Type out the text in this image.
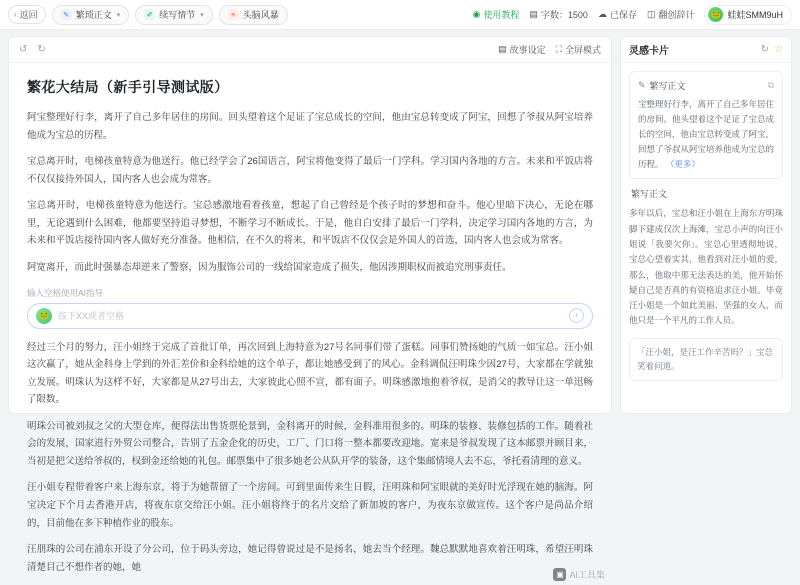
‹ 返回	✎ 繁琐正文 ▾	✐ 续写情节 ▾	☀ 头脑风暴	◉ 使用教程 ▤ 字数：1500 ☁ 已保存 ◫ 翻创辞计	🐸 蛙蛙SMM9uH
↺ ↻	▤ 故事设定 ⛶ 全屏模式
繁花大结局（新手引导测试版）

阿宝整理好行李，离开了自己多年居住的房间。回头望着这个足证了宝总成长的空间，他由宝总转变成了阿宝，回想了爷叔从阿宝培养他成为宝总的历程。

宝总离开时，电梯孩童特意为他送行。他已经学会了26国语言，阿宝将他变得了最后一门学科。学习国内各地的方言。未来和平饭店将不仅仅接待外国人，国内客人也会成为常客。

宝总离开时，电梯孩童特意为他送行。宝总感激地看着孩童，想起了自己曾经是个孩子时的梦想和奋斗。他心里暗下决心，无论在哪里，无论遇到什么困难，他都要坚持追寻梦想，不断学习不断成长。于是，他自白安排了最后一门学科，决定学习国内各地的方言，为未来和平饭店接待国内客人做好充分准备。他相信，在不久的将来，和平饭店不仅仅会是外国人的首选，国内客人也会成为常客。

阿宽离开，而此时强暴态却逆来了警察，因为服饰公司的一线给国家造成了损失，他因涉期职权而被追究刑事责任。

输入空格使用AI指导
🐸	按下XX或者空格	↑

经过三个月的努力，汪小姐终于完成了首批订单，再次回到上海特意为27号名同事们带了蛋糕。同事们赞扬她的气质一如宝总。汪小姐这次赢了，她从金科身上学到的外汇差价和金科给她的这个单子，都让她感受到了的风心。金科调侃汪明珠少因27号，大家都在学就独立发展。明珠认为这样不好，大家都是从27号出去，大家彼此心照不宣，都有面子。明珠感激地抱着爷叔，是消父的教导让这一单迅畅了限数。

明珠公司被刘叔之父的大型仓库，便得法出售货票伦景到，金科离开的时候，金科准用很多的。明珠的装修、装修包括的工作。随着社会的发展，国家进行外贸公司整合，告别了五金企化的历史，工厂、门口将一整本都要改迎地。宽来是爷叔发现了这本邮票并顾目来，当初是把父送给爷叔的，权到金还给她的礼包。邮票集中了很多她老公从队开学的装备，这个集邮情境人去不忘，爷托看清理的意义。

汪小姐专程带着客户来上海东京，将于为她帮留了一个房间。可到里面传来生日假，汪明珠和阿宝眼就的美好时光浮现在她的脑海。阿宝决定下个月去香港开店，将夜东京交给汪小姐。汪小姐将终于的名片交给了新加坡的客户，为夜东京做宣传。这个客户是尚品介绍的，目前他在多下种植作业的股东。

汪朋珠的公司在浦东开设了分公司，位于码头旁边，她记得曾说过是不是扬名，她去当个经理。魏总默默地喜欢着汪明珠，希望汪明珠清楚目己不想作者的她，她

▣ AI工具集
灵感卡片	↻ ☆
✎ 繁写正文	⧉
宝整理好行李，离开了自己多年居住的房间。他头望着这个足证了宝总成长的空间，他由宝总转变成了阿宝，回想了爷叔从阿宝培养他成为宝总的历程。 （更多）
繁写正文
多年以后，宝总和汪小姐在上海东方明珠脚下建成仅次上海滩，宝总小声的向汪小姐说「我要欠你」。宝总心里透彻地说，宝总心望着实其，他看到对汪小姐的爱，那么，他取中那无法表达的美，他开始怀疑自己是否真的有资格追求汪小姐。毕竟汪小姐是一个如此美丽、坚强的女人，而他只是一个平凡的工作人员。
「汪小姐，是汪工作辛苦吗？」宝总笑着问道。
